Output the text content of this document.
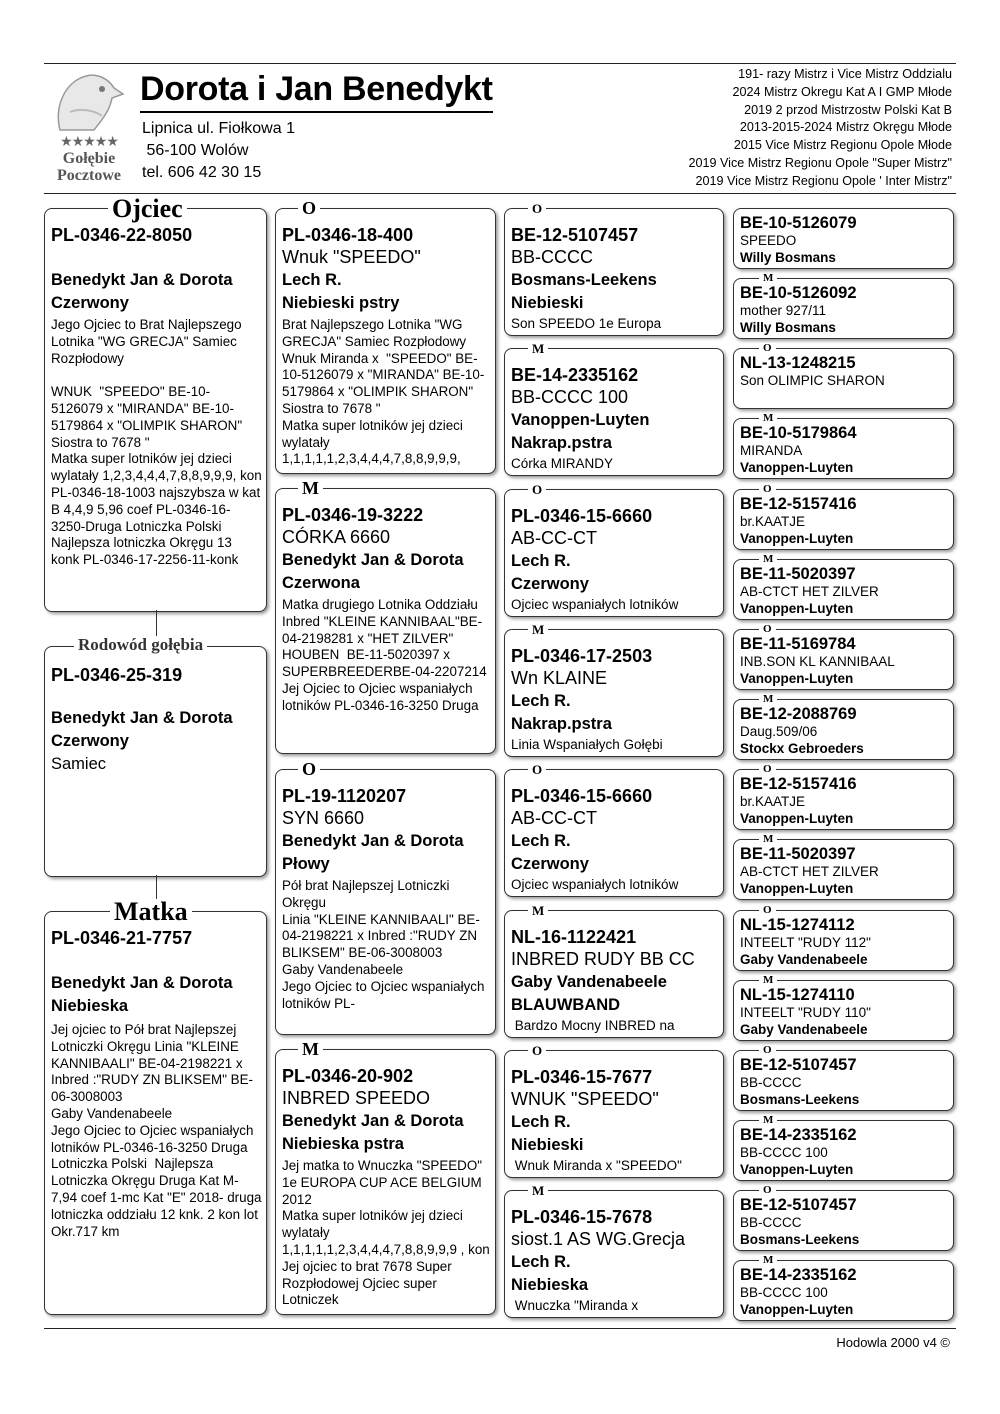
★★★★★
Gołębie
Pocztowe
Dorota i Jan Benedykt
Lipnica ul. Fiołkowa 1
56-100 Wolów
tel. 606 42 30 15
191- razy Mistrz i Vice Mistrz Oddzialu
2024 Mistrz Okregu Kat A I GMP Młode
2019 2 przod Mistrzostw Polski Kat B
2013-2015-2024 Mistrz Okręgu Młode
2015 Vice Mistrz Regionu Opole Młode
2019 Vice Mistrz Regionu Opole "Super Mistrz"
2019 Vice Mistrz Regionu Opole ' Inter Mistrz"
PL-0346-22-8050
Benedykt Jan & Dorota
Czerwony
Jego Ojciec to Brat Najlepszego Lotnika "WG GRECJA" Samiec Rozpłodowy

WNUK  "SPEEDO" BE-10-5126079 x "MIRANDA" BE-10-5179864 x "OLIMPIK SHARON" Siostra to 7678 "
Matka super lotników jej dzieci wylatały 1,2,3,4,4,4,7,8,8,9,9,9, kon PL-0346-18-1003 najszybsza w kat B 4,4,9 5,96 coef PL-0346-16-3250-Druga Lotniczka Polski Najlepsza lotniczka Okręgu 13 konk PL-0346-17-2256-11-konk
Ojciec
PL-0346-25-319
Benedykt Jan & Dorota
Czerwony
Samiec
Rodowód gołębia
PL-0346-21-7757
Benedykt Jan & Dorota
Niebieska
Jej ojciec to Pół brat Najlepszej Lotniczki Okręgu Linia "KLEINE KANNIBAALI" BE-04-2198221 x Inbred :"RUDY ZN BLIKSEM" BE-06-3008003
Gaby Vandenabeele
Jego Ojciec to Ojciec wspaniałych lotników PL-0346-16-3250 Druga Lotniczka Polski  Najlepsza Lotniczka Okręgu Druga Kat M-
7,94 coef 1-mc Kat "E" 2018- druga lotniczka oddziału 12 knk. 2 kon lot Okr.717 km
Matka
PL-0346-18-400
Wnuk "SPEEDO"
Lech R.
Niebieski pstry
Brat Najlepszego Lotnika "WG GRECJA" Samiec Rozpłodowy Wnuk Miranda x  "SPEEDO" BE-10-5126079 x "MIRANDA" BE-10-5179864 x "OLIMPIK SHARON" Siostra to 7678 "
Matka super lotników jej dzieci wylatały 1,1,1,1,1,2,3,4,4,4,7,8,8,9,9,9,
O
PL-0346-19-3222
CÓRKA 6660
Benedykt Jan & Dorota
Czerwona
Matka drugiego Lotnika Oddziału Inbred "KLEINE KANNIBAAL"BE-04-2198281 x "HET ZILVER" HOUBEN  BE-11-5020397 x SUPERBREEDERBE-04-2207214 Jej Ojciec to Ojciec wspaniałych lotników PL-0346-16-3250 Druga
M
PL-19-1120207
SYN 6660
Benedykt Jan & Dorota
Płowy
Pół brat Najlepszej Lotniczki Okręgu
Linia "KLEINE KANNIBAALI" BE-04-2198221 x Inbred :"RUDY ZN BLIKSEM" BE-06-3008003
Gaby Vandenabeele
Jego Ojciec to Ojciec wspaniałych lotników PL-
O
PL-0346-20-902
INBRED SPEEDO
Benedykt Jan & Dorota
Niebieska pstra
Jej matka to Wnuczka "SPEEDO" 1e EUROPA CUP ACE BELGIUM 2012
Matka super lotników jej dzieci wylatały 1,1,1,1,1,2,3,4,4,4,7,8,8,9,9,9 , kon Jej ojciec to brat 7678 Super  Rozpłodowej Ojciec super Lotniczek
M
BE-12-5107457
BB-CCCC
Bosmans-Leekens
Niebieski
Son SPEEDO 1e Europa
O
BE-14-2335162
BB-CCCC 100
Vanoppen-Luyten
Nakrap.pstra
Córka MIRANDY
M
PL-0346-15-6660
AB-CC-CT
Lech R.
Czerwony
Ojciec wspaniałych lotników
O
PL-0346-17-2503
Wn KLAINE
Lech R.
Nakrap.pstra
Linia Wspaniałych Gołębi
M
PL-0346-15-6660
AB-CC-CT
Lech R.
Czerwony
Ojciec wspaniałych lotników
O
NL-16-1122421
INBRED RUDY BB CC
Gaby Vandenabeele
BLAUWBAND
Bardzo Mocny INBRED na
M
PL-0346-15-7677
WNUK "SPEEDO"
Lech R.
Niebieski
Wnuk Miranda x "SPEEDO"
O
PL-0346-15-7678
siost.1 AS WG.Grecja
Lech R.
Niebieska
Wnuczka "Miranda x
M
BE-10-5126079
SPEEDO
Willy Bosmans
BE-10-5126092
mother 927/11
Willy Bosmans
M
NL-13-1248215
Son OLIMPIC SHARON
O
BE-10-5179864
MIRANDA
Vanoppen-Luyten
M
BE-12-5157416
br.KAATJE
Vanoppen-Luyten
O
BE-11-5020397
AB-CTCT HET ZILVER
Vanoppen-Luyten
M
BE-11-5169784
INB.SON KL KANNIBAAL
Vanoppen-Luyten
O
BE-12-2088769
Daug.509/06
Stockx Gebroeders
M
BE-12-5157416
br.KAATJE
Vanoppen-Luyten
O
BE-11-5020397
AB-CTCT HET ZILVER
Vanoppen-Luyten
M
NL-15-1274112
INTEELT "RUDY 112"
Gaby Vandenabeele
O
NL-15-1274110
INTEELT "RUDY 110"
Gaby Vandenabeele
M
BE-12-5107457
BB-CCCC
Bosmans-Leekens
O
BE-14-2335162
BB-CCCC 100
Vanoppen-Luyten
M
BE-12-5107457
BB-CCCC
Bosmans-Leekens
O
BE-14-2335162
BB-CCCC 100
Vanoppen-Luyten
M
Hodowla 2000 v4 ©
